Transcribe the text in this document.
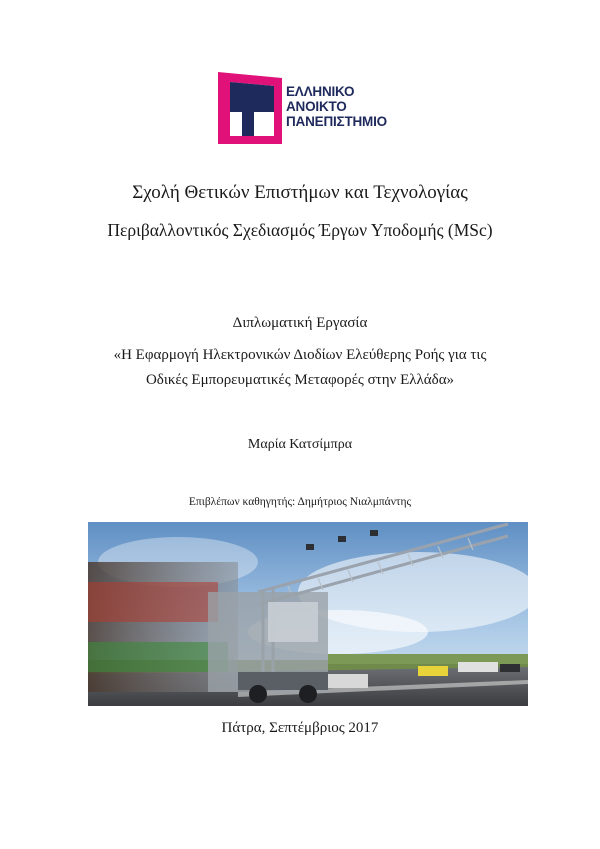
ΕΛΛΗΝΙΚΟ
ΑΝΟΙΚΤΟ
ΠΑΝΕΠΙΣΤΗΜΙΟ
Σχολή Θετικών Επιστήμων και Τεχνολογίας
Περιβαλλοντικός Σχεδιασμός Έργων Υποδομής (MSc)
Διπλωματική Εργασία
«Η Εφαρμογή Ηλεκτρονικών Διοδίων Ελεύθερης Ροής για τις
Οδικές Εμπορευματικές Μεταφορές στην Ελλάδα»
Μαρία Κατσίμπρα
Επιβλέπων καθηγητής: Δημήτριος Νιαλμπάντης
Πάτρα, Σεπτέμβριος 2017
